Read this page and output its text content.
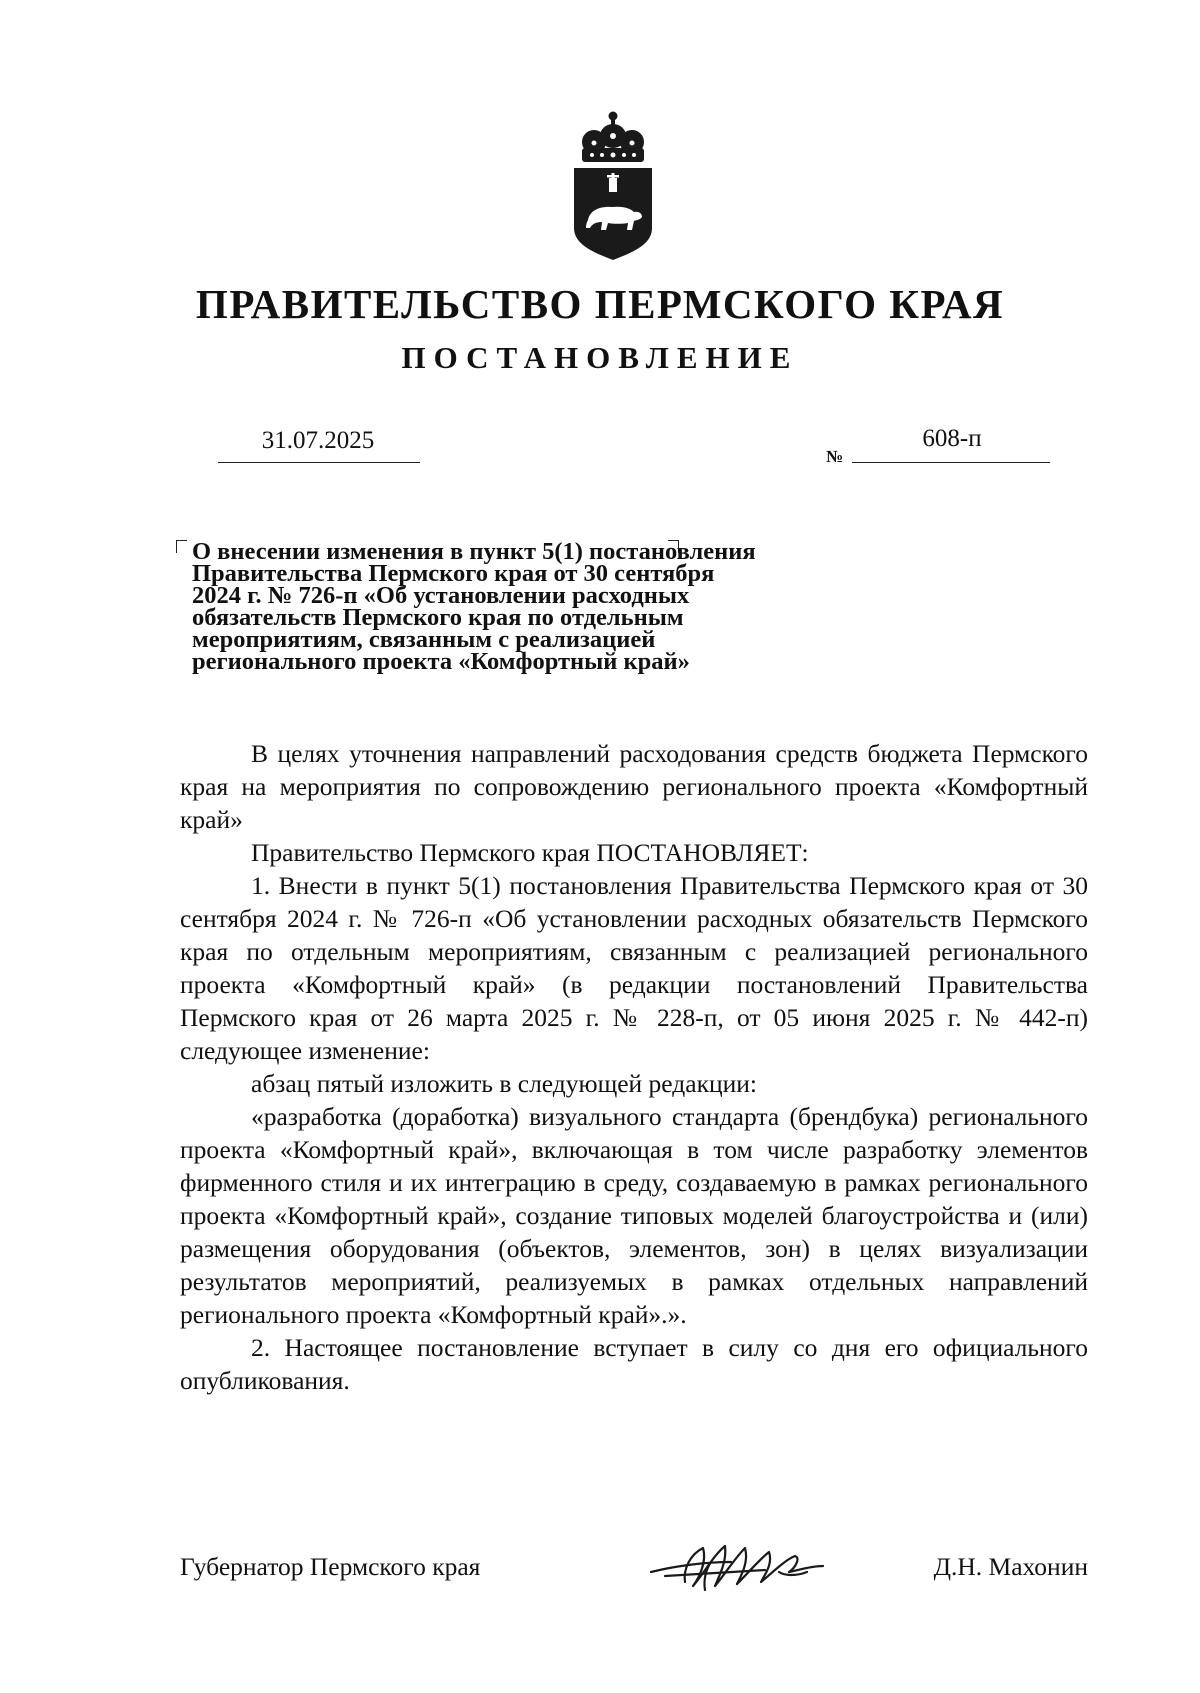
ПРАВИТЕЛЬСТВО ПЕРМСКОГО КРАЯ
ПОСТАНОВЛЕНИЕ
31.07.2025
№
608-п
О внесении изменения в пункт 5(1) постановления
Правительства Пермского края от 30 сентября
2024 г. № 726-п «Об установлении расходных
обязательств Пермского края по отдельным
мероприятиям, связанным с реализацией
регионального проекта «Комфортный край»

В целях уточнения направлений расходования средств бюджета Пермского края на мероприятия по сопровождению регионального проекта «Комфортный край»

Правительство Пермского края ПОСТАНОВЛЯЕТ:

1. Внести в пункт 5(1) постановления Правительства Пермского края от 30 сентября 2024 г. № 726-п «Об установлении расходных обязательств Пермского края по отдельным мероприятиям, связанным с реализацией регионального проекта «Комфортный край» (в редакции постановлений Правительства Пермского края от 26 марта 2025 г. № 228-п, от 05 июня 2025 г. № 442-п) следующее изменение:

абзац пятый изложить в следующей редакции:

«разработка (доработка) визуального стандарта (брендбука) регионального проекта «Комфортный край», включающая в том числе разработку элементов фирменного стиля и их интеграцию в среду, создаваемую в рамках регионального проекта «Комфортный край», создание типовых моделей благоустройства и (или) размещения оборудования (объектов, элементов, зон) в целях визуализации результатов мероприятий, реализуемых в рамках отдельных направлений регионального проекта «Комфортный край».».

2. Настоящее постановление вступает в силу со дня его официального опубликования.

Губернатор Пермского края	Д.Н. Махонин
